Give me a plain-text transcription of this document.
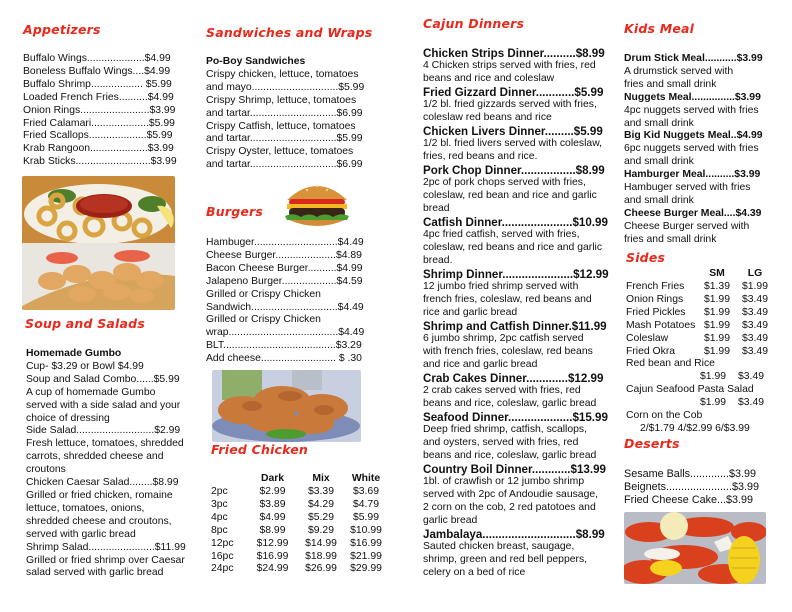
Appetizers
Buffalo Wings....................$4.99
Boneless Buffalo Wings....$4.99
Buffalo Shrimp.................. $5.99
Loaded French Fries..........$4.99
Onion Rings........................$3.99
Fried Calamari....................$5.99
Fried Scallops....................$5.99
Krab Rangoon....................$3.99
Krab Sticks..........................$3.99
Soup and Salads
Homemade Gumbo
Cup- $3.29 or Bowl $4.99
Soup and Salad Combo......$5.99
A cup of homemade Gumbo
served with a side salad and your
choice of dressing
Side Salad...........................$2.99
Fresh lettuce, tomatoes, shredded
carrots, shredded cheese and
croutons
Chicken Caesar Salad........$8.99
Grilled or fried chicken, romaine
lettuce, tomatoes, onions,
shredded cheese and croutons,
served with garlic bread
Shrimp Salad.......................$11.99
Grilled or fried shrimp over Caesar
salad served with garlic bread
Sandwiches and Wraps
Po-Boy Sandwiches
Crispy chicken, lettuce, tomatoes
and mayo..............................$5.99
Crispy Shrimp, lettuce, tomatoes
and tartar..............................$6.99
Crispy Catfish, lettuce, tomatoes
and tartar..............................$5.99
Crispy Oyster, lettuce, tomatoes
and tartar..............................$6.99
Burgers
Hambuger.............................$4.49
Cheese Burger.....................$4.89
Bacon Cheese Burger..........$4.99
Jalapeno Burger...................$4.59
Grilled or Crispy Chicken
Sandwich..............................$4.49
Grilled or Crispy Chicken
wrap......................................$4.49
BLT.......................................$3.29
Add cheese.......................... $ .30
Fried Chicken
	Dark	Mix	White
2pc	$2.99	$3.39	$3.69
3pc	$3.89	$4.29	$4.79
4pc	$4.99	$5.29	$5.99
8pc	$8.99	$9.29	$10.99
12pc	$12.99	$14.99	$16.99
16pc	$16.99	$18.99	$21.99
24pc	$24.99	$26.99	$29.99
Cajun Dinners
Chicken Strips Dinner..........$8.99
4 Chicken strips served with fries, red
beans and rice and coleslaw
Fried Gizzard Dinner............$5.99
1/2 bl. fried gizzards served with fries,
coleslaw red beans and rice
Chicken Livers Dinner.........$5.99
1/2 bl. fried livers served with coleslaw,
fries, red beans and rice.
Pork Chop Dinner.................$8.99
2pc of pork chops served with fries,
coleslaw, red bean and rice and garlic
bread
Catfish Dinner......................$10.99
4pc fried catfish, served with fries,
coleslaw, red beans and rice and garlic
bread.
Shrimp Dinner......................$12.99
12 jumbo fried shrimp served with
french fries, coleslaw, red beans and
rice and garlic bread
Shrimp and Catfish Dinner.$11.99
6 jumbo shrimp, 2pc catfish served
with french fries, coleslaw, red beans
and rice and garlic bread
Crab Cakes Dinner.............$12.99
2 crab cakes served with fries, red
beans and rice, coleslaw, garlic bread
Seafood Dinner....................$15.99
Deep fried shrimp, catfish, scallops,
and oysters, served with fries, red
beans and rice, coleslaw, garlic bread
Country Boil Dinner............$13.99
1bl. of crawfish or 12 jumbo shrimp
served with 2pc of Andoudie sausage,
2 corn on the cob, 2 red patotoes and
garlic bread
Jambalaya.............................$8.99
Sauted chicken breast, saugage,
shrimp, green and red bell peppers,
celery on a bed of rice
Kids Meal
Drum Stick Meal...........$3.99
A drumstick served with
fries and small drink
Nuggets Meal...............$3.99
4pc nuggets served with fries
and small drink
Big Kid Nuggets Meal..$4.99
6pc nuggets served with fries
and small drink
Hamburger Meal..........$3.99
Hambuger served with fries
and small drink
Cheese Burger Meal....$4.39
Cheese Burger served with
fries and small drink
Sides
	SM	LG
French Fries	$1.39	$1.99
Onion Rings	$1.99	$3.49
Fried Pickles	$1.99	$3.49
Mash Potatoes	$1.99	$3.49
Coleslaw	$1.99	$3.49
Fried Okra	$1.99	$3.49
Red bean and Rice
$1.99 $3.49
Cajun Seafood Pasta Salad
$1.99 $3.49
Corn on the Cob
2/$1.79 4/$2.99 6/$3.99
Deserts
Sesame Balls.............$3.99
Beignets......................$3.99
Fried Cheese Cake...$3.99
